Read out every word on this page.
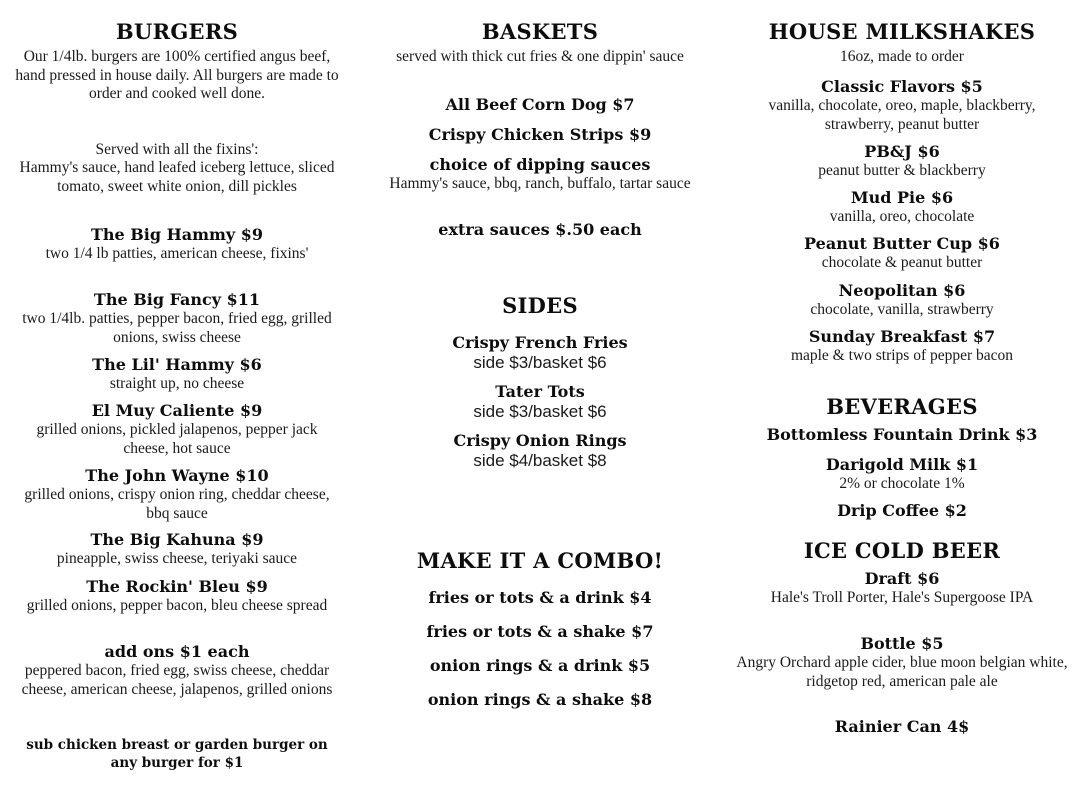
BURGERS

Our 1/4lb. burgers are 100% certified angus beef, hand pressed in house daily. All burgers are made to order and cooked well done.

Served with all the fixins':

Hammy's sauce, hand leafed iceberg lettuce, sliced tomato, sweet white onion, dill pickles

The Big Hammy $9
two 1/4 lb patties, american cheese, fixins'
The Big Fancy $11
two 1/4lb. patties, pepper bacon, fried egg, grilled onions, swiss cheese
The Lil' Hammy $6
straight up, no cheese
El Muy Caliente $9
grilled onions, pickled jalapenos, pepper jack cheese, hot sauce
The John Wayne $10
grilled onions, crispy onion ring, cheddar cheese, bbq sauce
The Big Kahuna $9
pineapple, swiss cheese, teriyaki sauce
The Rockin' Bleu $9
grilled onions, pepper bacon, bleu cheese spread
add ons $1 each
peppered bacon, fried egg, swiss cheese, cheddar cheese, american cheese, jalapenos, grilled onions

sub chicken breast or garden burger on any burger for $1

BASKETS

served with thick cut fries & one dippin' sauce

All Beef Corn Dog $7
Crispy Chicken Strips $9
choice of dipping sauces
Hammy's sauce, bbq, ranch, buffalo, tartar sauce
extra sauces $.50 each
SIDES
Crispy French Fries
side $3/basket $6
Tater Tots
side $3/basket $6
Crispy Onion Rings
side $4/basket $8
MAKE IT A COMBO!
fries or tots & a drink $4
fries or tots & a shake $7
onion rings & a drink $5
onion rings & a shake $8
HOUSE MILKSHAKES

16oz, made to order

Classic Flavors $5
vanilla, chocolate, oreo, maple, blackberry, strawberry, peanut butter
PB&J $6
peanut butter & blackberry
Mud Pie $6
vanilla, oreo, chocolate
Peanut Butter Cup $6
chocolate & peanut butter
Neopolitan $6
chocolate, vanilla, strawberry
Sunday Breakfast $7
maple & two strips of pepper bacon
BEVERAGES
Bottomless Fountain Drink $3
Darigold Milk $1
2% or chocolate 1%
Drip Coffee $2
ICE COLD BEER
Draft $6
Hale's Troll Porter, Hale's Supergoose IPA
Bottle $5
Angry Orchard apple cider, blue moon belgian white, ridgetop red, american pale ale
Rainier Can 4$
